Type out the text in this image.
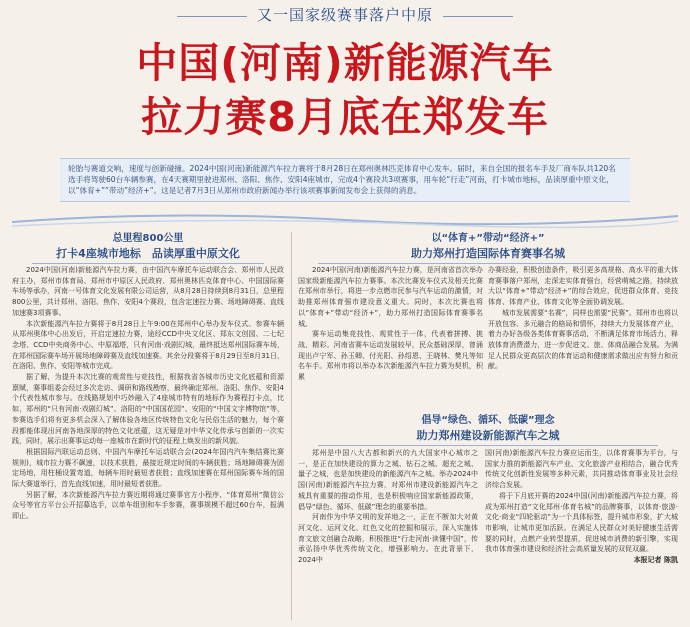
又一国家级赛事落户中原
中国(河南)新能源汽车
拉力赛8月底在郑发车
轮胎与赛道交响，速度与创新碰撞。2024中国(河南)新能源汽车拉力赛将于8月28日在郑州奥林匹克体育中心发车。届时，来自全国的报名车手及厂商车队共120名选手将驾驶60台车辆参赛，在4天赛期里驶进郑州、洛阳、焦作、安阳4座城市，完成4个赛段共3项赛事，用车轮“行走”河南，打卡城市地标，品读厚重中原文化，以“体育+”“带动”经济+”。这是记者7月3日从郑州市政府新闻办举行该项赛事新闻发布会上获得的消息。
总里程800公里
打卡4座城市地标　品读厚重中原文化

2024中国(河南)新能源汽车拉力赛，由中国汽车摩托车运动联合会、郑州市人民政府主办，郑州市体育局、郑州市中原区人民政府、郑州奥林匹克体育中心、中国国际赛车场等承办，河南一号体育文化发展有限公司运营，从8月28日持续到8月31日，总里程800公里，共计郑州、洛阳、焦作、安阳4个赛段，包含定速拉力赛、场地障碍赛、直线加速赛3项赛事。

本次新能源汽车拉力赛将于8月28日上午9:00在郑州中心举办发车仪式。参赛车辆从郑州奥体中心出发后，开启定速拉力赛，途经CCD中央文化区、郑东文创园、二七纪念塔、CCD中央商务中心、中原福塔，只有河南·戏剧幻城，最终抵达郑州国际赛车场，在郑州国际赛车场开展场地障碍赛及直线加速赛。其余分段赛将于8月29日至8月31日，在洛阳、焦作、安阳等城市完成。

据了解，为提升本次比赛的观赏性与竞技性，根据我省各城市历史文化底蕴和资源禀赋，赛事组委会经过多次走访、调研和路线勘察，最终确定郑州、洛阳、焦作、安阳4个代表性城市参与。在线路规划中巧妙融入了4座城市特有的地标作为赛程打卡点，比如，郑州的“只有河南·戏剧幻城”、洛阳的“中国国花园”、安阳的“中国文字博物馆”等，参赛选手们将有更多机会深入了解体验各地区传统特色文化与民俗生活的魅力，每个赛段都能体现出河南各地深厚的特色文化底蕴，这无疑是对中华文化传承与创新的一次实践，同时，展示出赛事运动每一座城市在新时代的征程上焕发出的新风貌。

根据国际汽联运动总则、中国汽车摩托车运动联合会(2024年国内汽车集结赛比赛规则)，城市拉力赛不飙速，以技术获胜，最接近规定时间的车辆获胜；场地障碍赛为固定场地，用柱桶设置弯道，每辆车用时最短者获胜；直线加速赛在郑州国际赛车场的国际大赛道举行，首先直线加速，用时最短者获胜。

另据了解，本次新能源汽车拉力赛近期将通过赛事官方小程序、“体育郑州”微信公众号等官方平台公开招募选手，以单车组别和车手参赛，赛事规模不超过60台车，报满即止。

以“体育+”带动“经济+”
助力郑州打造国际体育赛事名城

2024中国(河南)新能源汽车拉力赛，是河南省首次举办国家级新能源汽车拉力赛事。本次比赛发车仪式及相关比赛在郑州市举行，将进一步点燃市民参与汽车运动的激情，对助推郑州体育强市建设意义重大。同时，本次比赛也将以“体育+”带动“经济+”，助力郑州打造国际体育赛事名城。

赛车运动集竞技性、观赏性于一体，代表着拼搏、挑战、精彩。河南省赛车运动发展较早，民众基础深厚，曾涌现出卢宁军、孙玉卿、付光阳、孙绍恩、王晓林、樊凡等知名车手。郑州市将以举办本次新能源汽车拉力赛为契机，积累

办赛经验，积极创造条件，吸引更多高规格、高水平的重大体育赛事落户郑州，走深走实体育强台，经营萌城之路，持续放大以“体育+”带动“经济+”的综合效应，促进群众体育、竞技体育、体育产业、体育文化等全面协调发展。

城市发展需要“名赛”，同样也需要“民赛”。郑州市也将以开放包容、多元融合的格局和情怀，持续大力发展体育产业，着力办好各级各类体育赛事活动，不断满足体育市场活力，释放体育消费潜力，进一步促进文、旅、体商品融合发展。为满足人民群众更高层次的体育运动和健康需求做出应有努力和贡献。

倡导“绿色、循环、低碳”理念
助力郑州建设新能源汽车之城

郑州是中国八大古都和新兴的九大国家中心城市之一，是正在加快建设的算力之城、钻石之城、超充之城、量子之城，也是加快建设的新能源汽车之城。举办2024中国(河南)新能源汽车拉力赛，对郑州市建设新能源汽车之城具有重要的推动作用，也是积极响应国家新能源政策，倡导“绿色、循环、低碳”理念的重要举措。

河南作为中华文明的发祥地之一，正在不断加大对黄河文化、运河文化、红色文化的挖掘和展示，深入实施体育文旅文创融合战略，积极推进“行走河南·读懂中国”，传承弘扬中华优秀传统文化，增强影响力。在此背景下，2024中

国(河南)新能源汽车拉力赛应运而生，以体育赛事为平台，与国家力推的新能源汽车产业、文化旅游产业相结合，融合优秀传统文化创新性发展等多种元素，共同推动体育事业及社会经济综合发展。

将于下月底开赛的2024中国(河南)新能源汽车拉力赛，将成为郑州打造“文化郑州·体育名城”的品牌赛事，以体育·旅游·文化·商业“四轮驱动”为一个具体标签，提升城市形象，扩大城市影响，让城市更加活跃。在满足人民群众对美好健康生活需要的同时，点燃产业转型提质，促进城市消费的新引擎，实现我市体育强市建设和经济社会高质量发展的双促双赢。

本报记者 陈凯
